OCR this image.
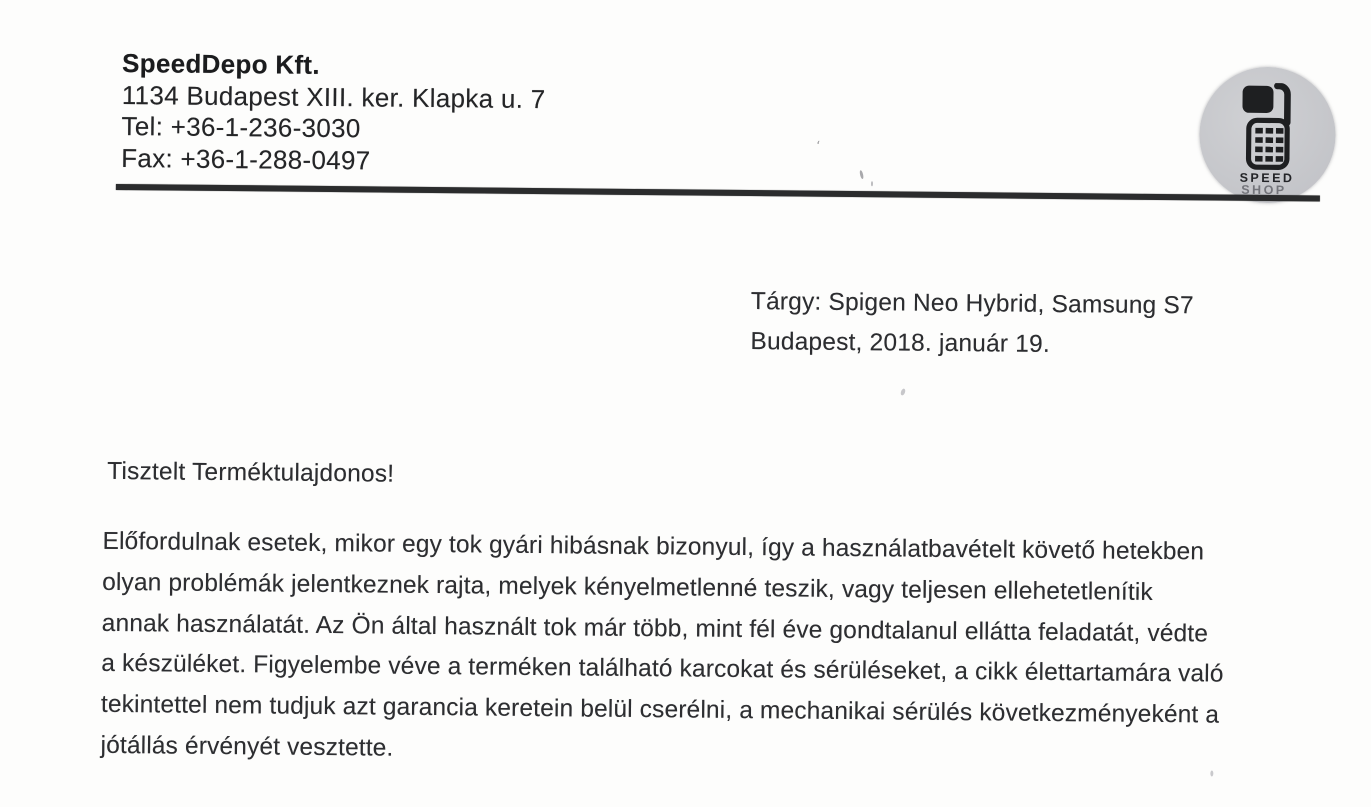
SpeedDepo Kft.
1134 Budapest XIII. ker. Klapka u. 7
Tel: +36-1-236-3030
Fax: +36-1-288-0497
SPEED
SHOP
Tárgy: Spigen Neo Hybrid, Samsung S7
Budapest, 2018. január 19.
Tisztelt Terméktulajdonos!
Előfordulnak esetek, mikor egy tok gyári hibásnak bizonyul, így a használatbavételt követő hetekben
olyan problémák jelentkeznek rajta, melyek kényelmetlenné teszik, vagy teljesen ellehetetlenítik
annak használatát. Az Ön által használt tok már több, mint fél éve gondtalanul ellátta feladatát, védte
a készüléket. Figyelembe véve a terméken található karcokat és sérüléseket, a cikk élettartamára való
tekintettel nem tudjuk azt garancia keretein belül cserélni, a mechanikai sérülés következményeként a
jótállás érvényét vesztette.
ʻ
